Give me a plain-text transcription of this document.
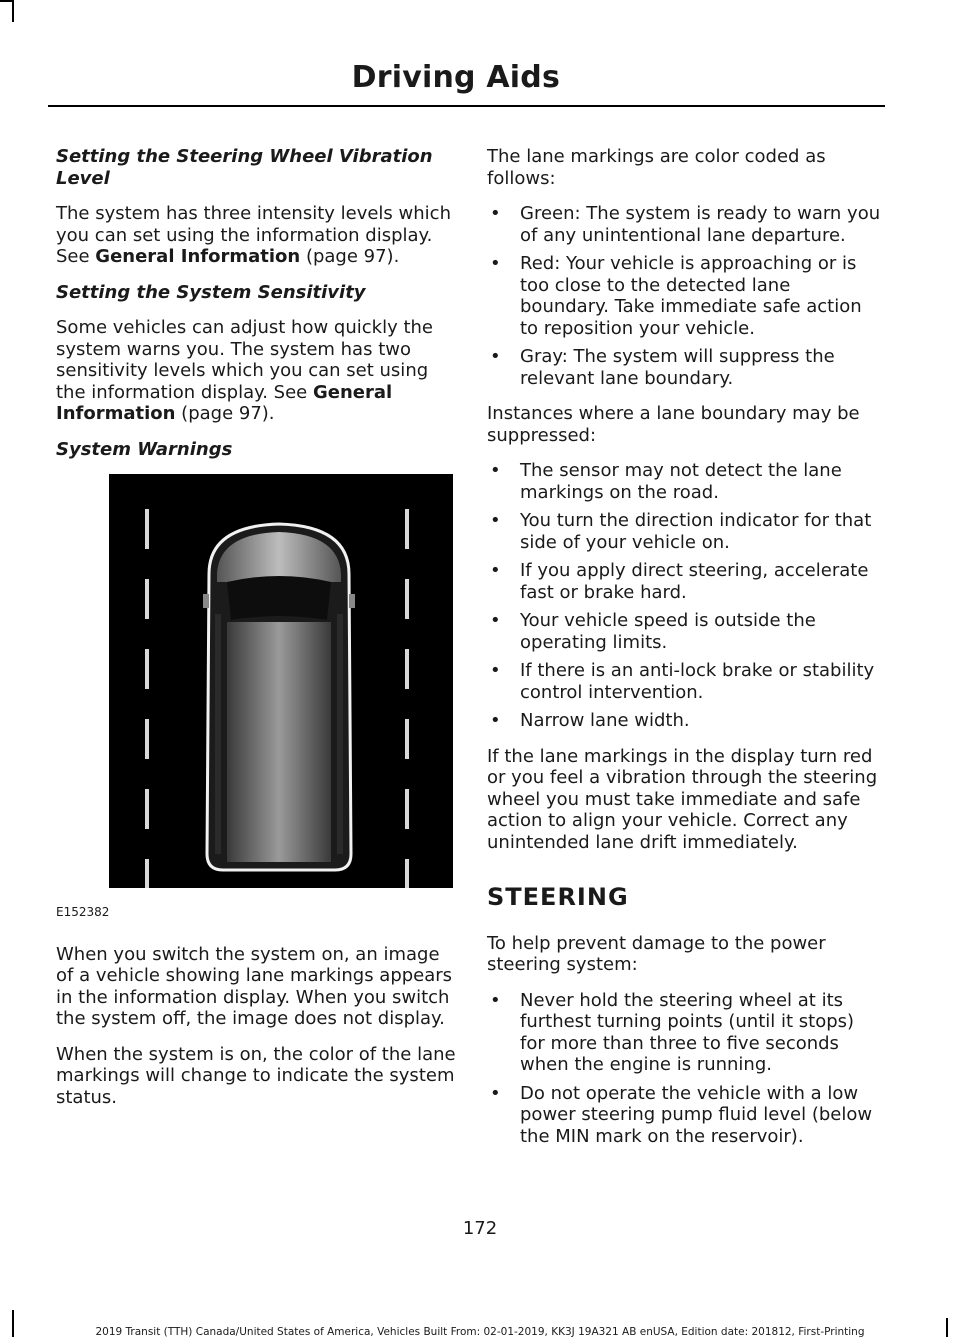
Driving Aids

Setting the Steering Wheel Vibration Level

The system has three intensity levels which you can set using the information display. See General Information (page 97).

Setting the System Sensitivity

Some vehicles can adjust how quickly the system warns you. The system has two sensitivity levels which you can set using the information display. See General Information (page 97).

System Warnings

E152382

When you switch the system on, an image of a vehicle showing lane markings appears in the information display. When you switch the system off, the image does not display.

When the system is on, the color of the lane markings will change to indicate the system status.

The lane markings are color coded as follows:

• Green: The system is ready to warn you of any unintentional lane departure.
• Red: Your vehicle is approaching or is too close to the detected lane boundary. Take immediate safe action to reposition your vehicle.
• Gray: The system will suppress the relevant lane boundary.

Instances where a lane boundary may be suppressed:

• The sensor may not detect the lane markings on the road.
• You turn the direction indicator for that side of your vehicle on.
• If you apply direct steering, accelerate fast or brake hard.
• Your vehicle speed is outside the operating limits.
• If there is an anti-lock brake or stability control intervention.
• Narrow lane width.

If the lane markings in the display turn red or you feel a vibration through the steering wheel you must take immediate and safe action to align your vehicle. Correct any unintended lane drift immediately.

STEERING

To help prevent damage to the power steering system:

• Never hold the steering wheel at its furthest turning points (until it stops) for more than three to five seconds when the engine is running.
• Do not operate the vehicle with a low power steering pump fluid level (below the MIN mark on the reservoir).
172
2019 Transit (TTH) Canada/United States of America, Vehicles Built From: 02-01-2019, KK3J 19A321 AB enUSA, Edition date: 201812, First-Printing
